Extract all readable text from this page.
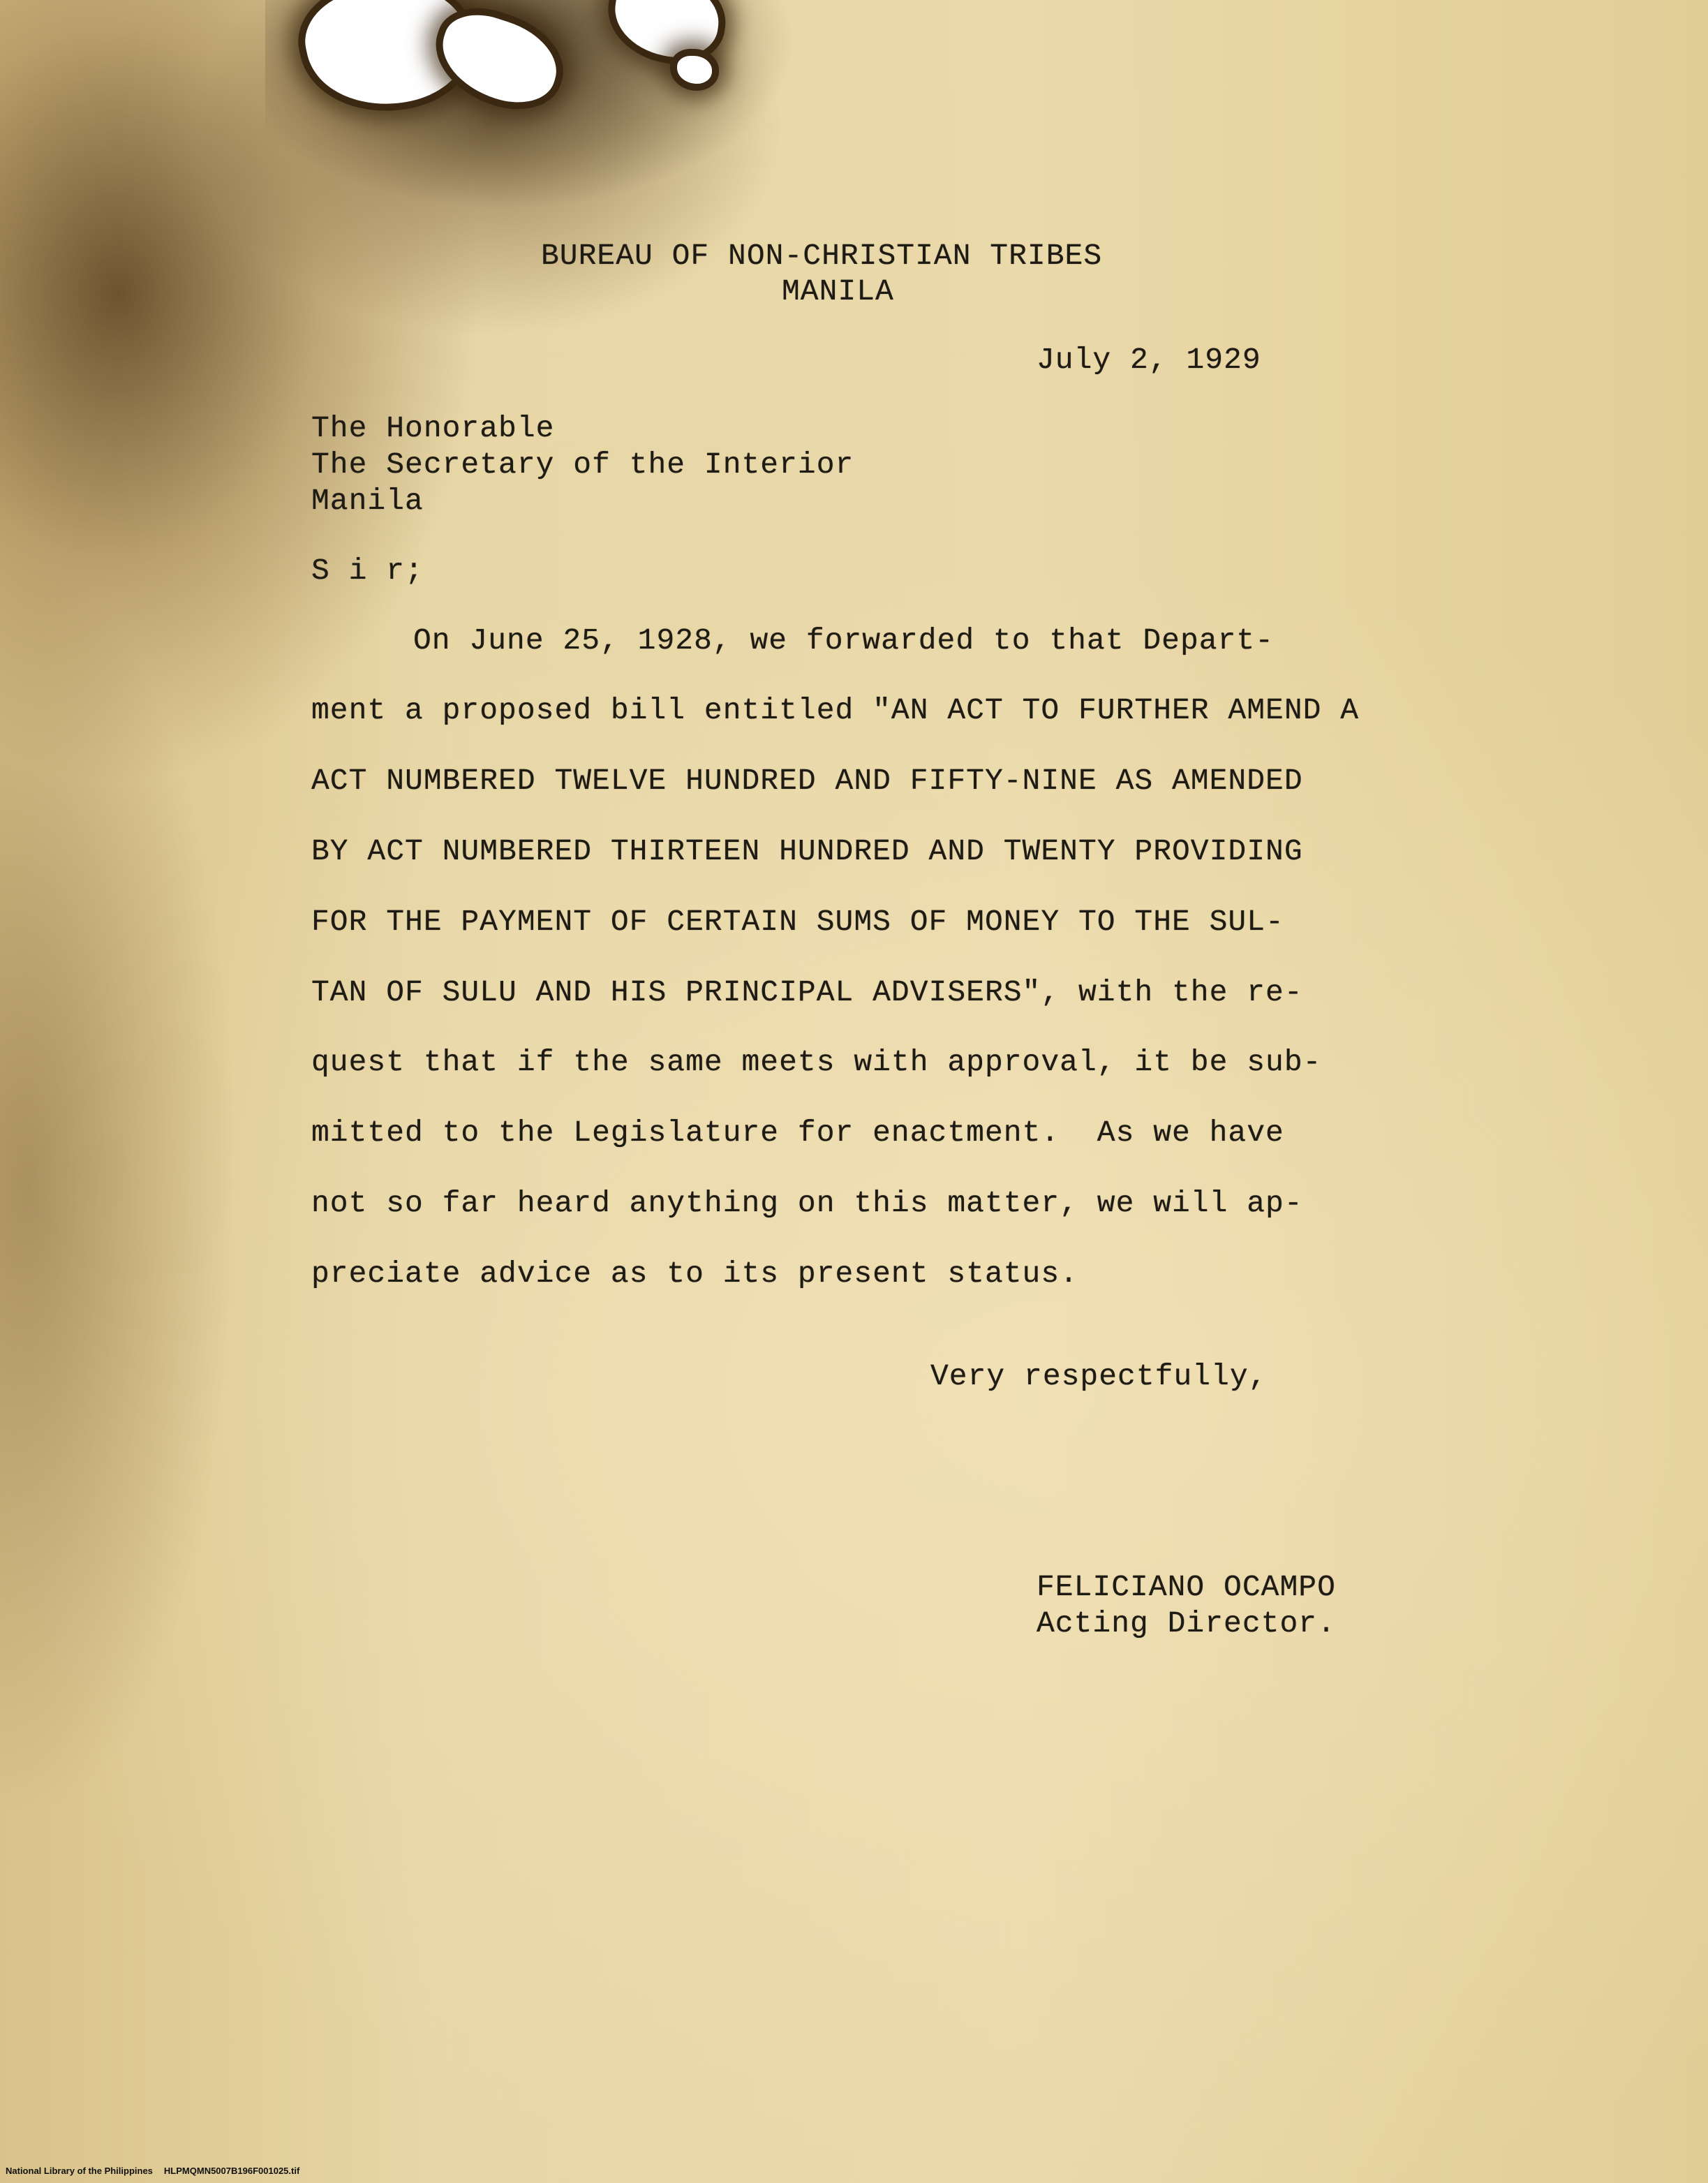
BUREAU OF NON-CHRISTIAN TRIBES

MANILA

July 2, 1929

The Honorable

The Secretary of the Interior

Manila

S i r;

On June 25, 1928, we forwarded to that Depart-

ment a proposed bill entitled "AN ACT TO FURTHER AMEND A

ACT NUMBERED TWELVE HUNDRED AND FIFTY-NINE AS AMENDED

BY ACT NUMBERED THIRTEEN HUNDRED AND TWENTY PROVIDING

FOR THE PAYMENT OF CERTAIN SUMS OF MONEY TO THE SUL-

TAN OF SULU AND HIS PRINCIPAL ADVISERS", with the re-

quest that if the same meets with approval, it be sub-

mitted to the Legislature for enactment.  As we have

not so far heard anything on this matter, we will ap-

preciate advice as to its present status.

Very respectfully,

FELICIANO OCAMPO

Acting Director.

National Library of the Philippines HLPMQMN5007B196F001025.tif
